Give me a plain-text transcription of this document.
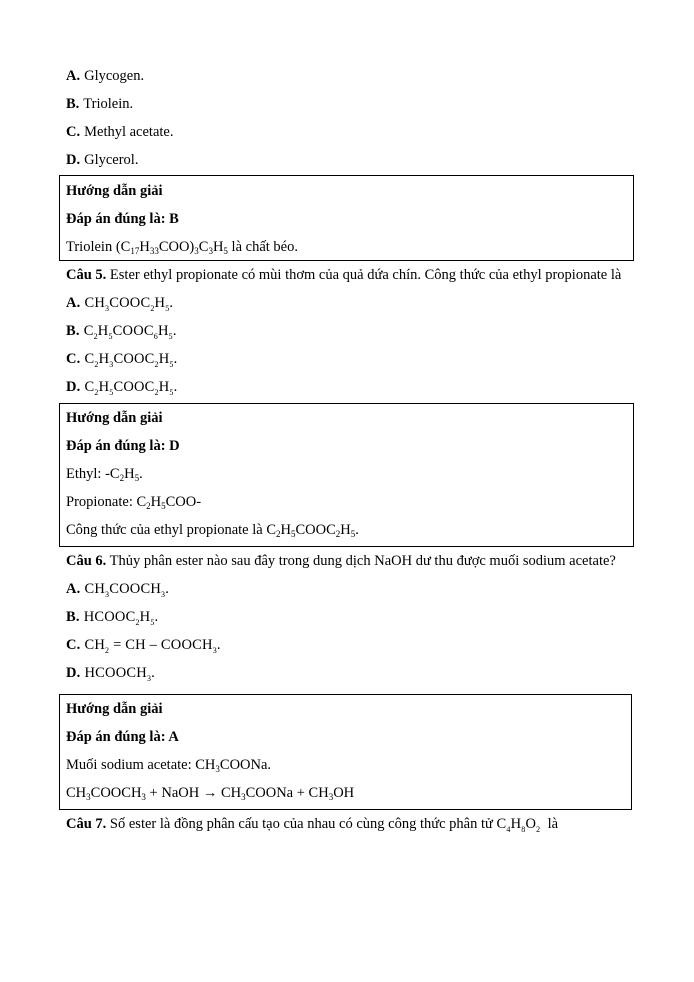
A. Glycogen.
B. Triolein.
C. Methyl acetate.
D. Glycerol.
Hướng dẫn giải
Đáp án đúng là: B
Triolein $(C_{17}H_{33}COO)_3C_3H_5$ là chất béo.
Câu 5. Ester ethyl propionate có mùi thơm của quả dứa chín. Công thức của ethyl propionate là
A. $CH_3COOC_2H_5$.
B. $C_2H_5COOC_6H_5$.
C. $C_2H_3COOC_2H_5$.
D. $C_2H_5COOC_2H_5$.
Hướng dẫn giải
Đáp án đúng là: D
Ethyl: $-C_2H_5$.
Propionate: $C_2H_5COO-$
Công thức của ethyl propionate là $C_2H_5COOC_2H_5$.
Câu 6. Thủy phân ester nào sau đây trong dung dịch NaOH dư thu được muối sodium acetate?
A. $CH_3COOCH_3$.
B. $HCOOC_2H_5$.
C. $CH_2$ = CH – $COOCH_3$.
D. $HCOOCH_3$.
Hướng dẫn giải
Đáp án đúng là: A
Muối sodium acetate: $CH_3COONa$.
$CH_3COOCH_3$ + NaOH → $CH_3COONa + CH_3OH$
Câu 7. Số ester là đồng phân cấu tạo của nhau có cùng công thức phân tử $C_4H_8O_2$  là
